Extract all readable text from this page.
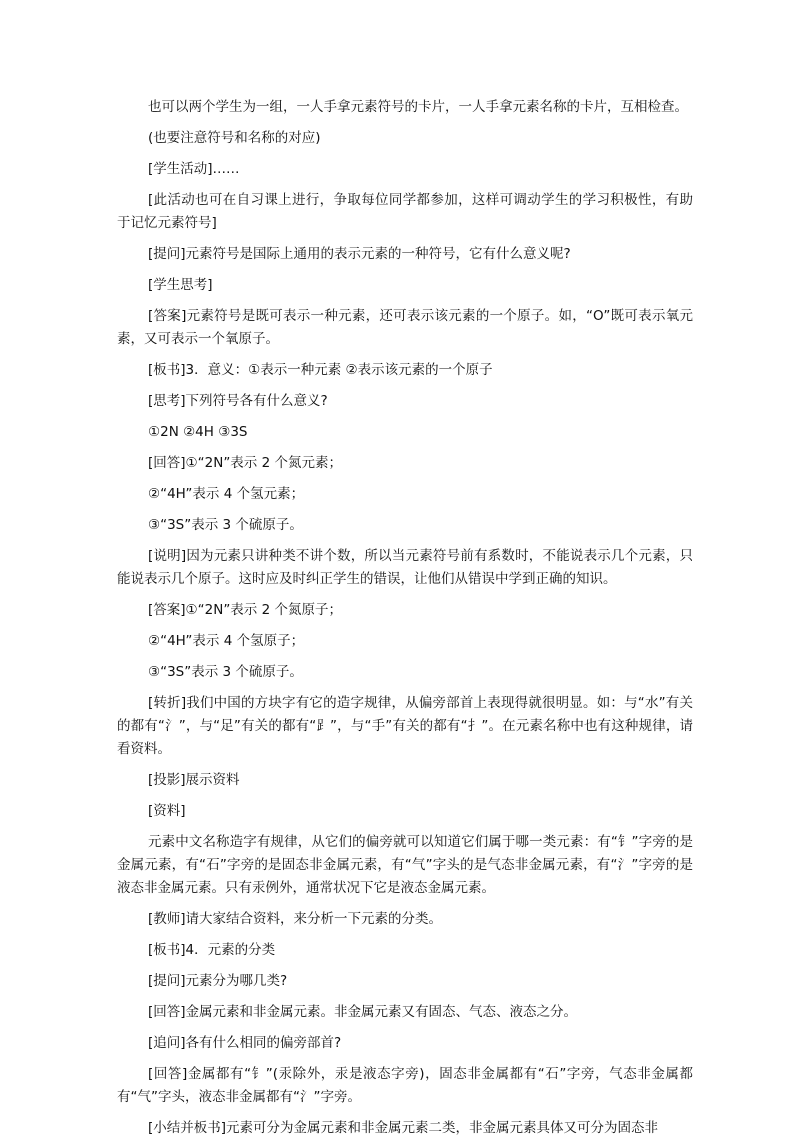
也可以两个学生为一组，一人手拿元素符号的卡片，一人手拿元素名称的卡片，互相检查。

(也要注意符号和名称的对应)

[学生活动]……

[此活动也可在自习课上进行，争取每位同学都参加，这样可调动学生的学习积极性，有助于记忆元素符号]

[提问]元素符号是国际上通用的表示元素的一种符号，它有什么意义呢?

[学生思考]

[答案]元素符号是既可表示一种元素，还可表示该元素的一个原子。如，“O”既可表示氧元素，又可表示一个氧原子。

[板书]3．意义：①表示一种元素 ②表示该元素的一个原子

[思考]下列符号各有什么意义?

①2N ②4H ③3S

[回答]①“2N”表示 2 个氮元素；

②“4H”表示 4 个氢元素；

③“3S”表示 3 个硫原子。

[说明]因为元素只讲种类不讲个数，所以当元素符号前有系数时，不能说表示几个元素，只能说表示几个原子。这时应及时纠正学生的错误，让他们从错误中学到正确的知识。

[答案]①“2N”表示 2 个氮原子；

②“4H”表示 4 个氢原子；

③“3S”表示 3 个硫原子。

[转折]我们中国的方块字有它的造字规律，从偏旁部首上表现得就很明显。如：与“水”有关的都有“氵”，与“足”有关的都有“⻊”，与“手”有关的都有“扌”。在元素名称中也有这种规律，请看资料。

[投影]展示资料

[资料]

元素中文名称造字有规律，从它们的偏旁就可以知道它们属于哪一类元素：有“钅”字旁的是金属元素，有“石”字旁的是固态非金属元素，有“气”字头的是气态非金属元素，有“氵”字旁的是液态非金属元素。只有汞例外，通常状况下它是液态金属元素。

[教师]请大家结合资料，来分析一下元素的分类。

[板书]4．元素的分类

[提问]元素分为哪几类?

[回答]金属元素和非金属元素。非金属元素又有固态、气态、液态之分。

[追问]各有什么相同的偏旁部首?

[回答]金属都有“钅”(汞除外，汞是液态字旁)，固态非金属都有“石”字旁，气态非金属都有“气”字头，液态非金属都有“氵”字旁。

[小结并板书]元素可分为金属元素和非金属元素二类，非金属元素具体又可分为固态非
